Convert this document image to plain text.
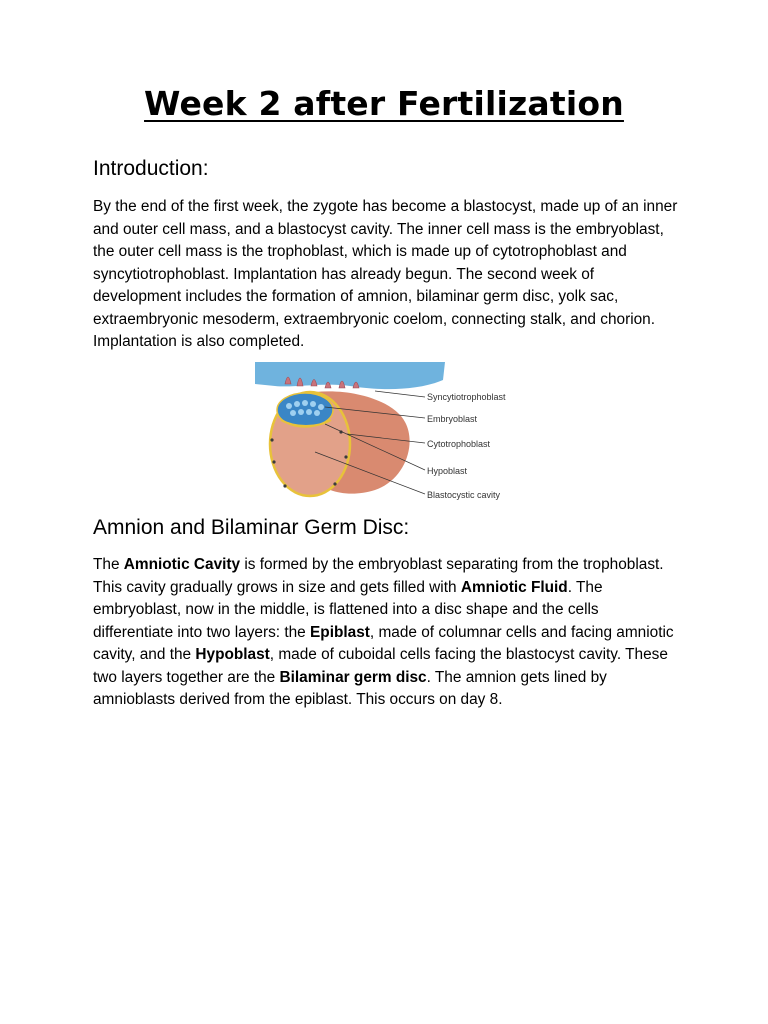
Week 2 after Fertilization
Introduction:

By the end of the first week, the zygote has become a blastocyst, made up of an inner and outer cell mass, and a blastocyst cavity. The inner cell mass is the embryoblast, the outer cell mass is the trophoblast, which is made up of cytotrophoblast and syncytiotrophoblast. Implantation has already begun. The second week of development includes the formation of amnion, bilaminar germ disc, yolk sac, extraembryonic mesoderm, extraembryonic coelom, connecting stalk, and chorion. Implantation is also completed.

Syncytiotrophoblast
Embryoblast
Cytotrophoblast
Hypoblast
Blastocystic cavity
Amnion and Bilaminar Germ Disc:

The Amniotic Cavity is formed by the embryoblast separating from the trophoblast. This cavity gradually grows in size and gets filled with Amniotic Fluid. The embryoblast, now in the middle, is flattened into a disc shape and the cells differentiate into two layers: the Epiblast, made of columnar cells and facing amniotic cavity, and the Hypoblast, made of cuboidal cells facing the blastocyst cavity. These two layers together are the Bilaminar germ disc. The amnion gets lined by amnioblasts derived from the epiblast. This occurs on day 8.
